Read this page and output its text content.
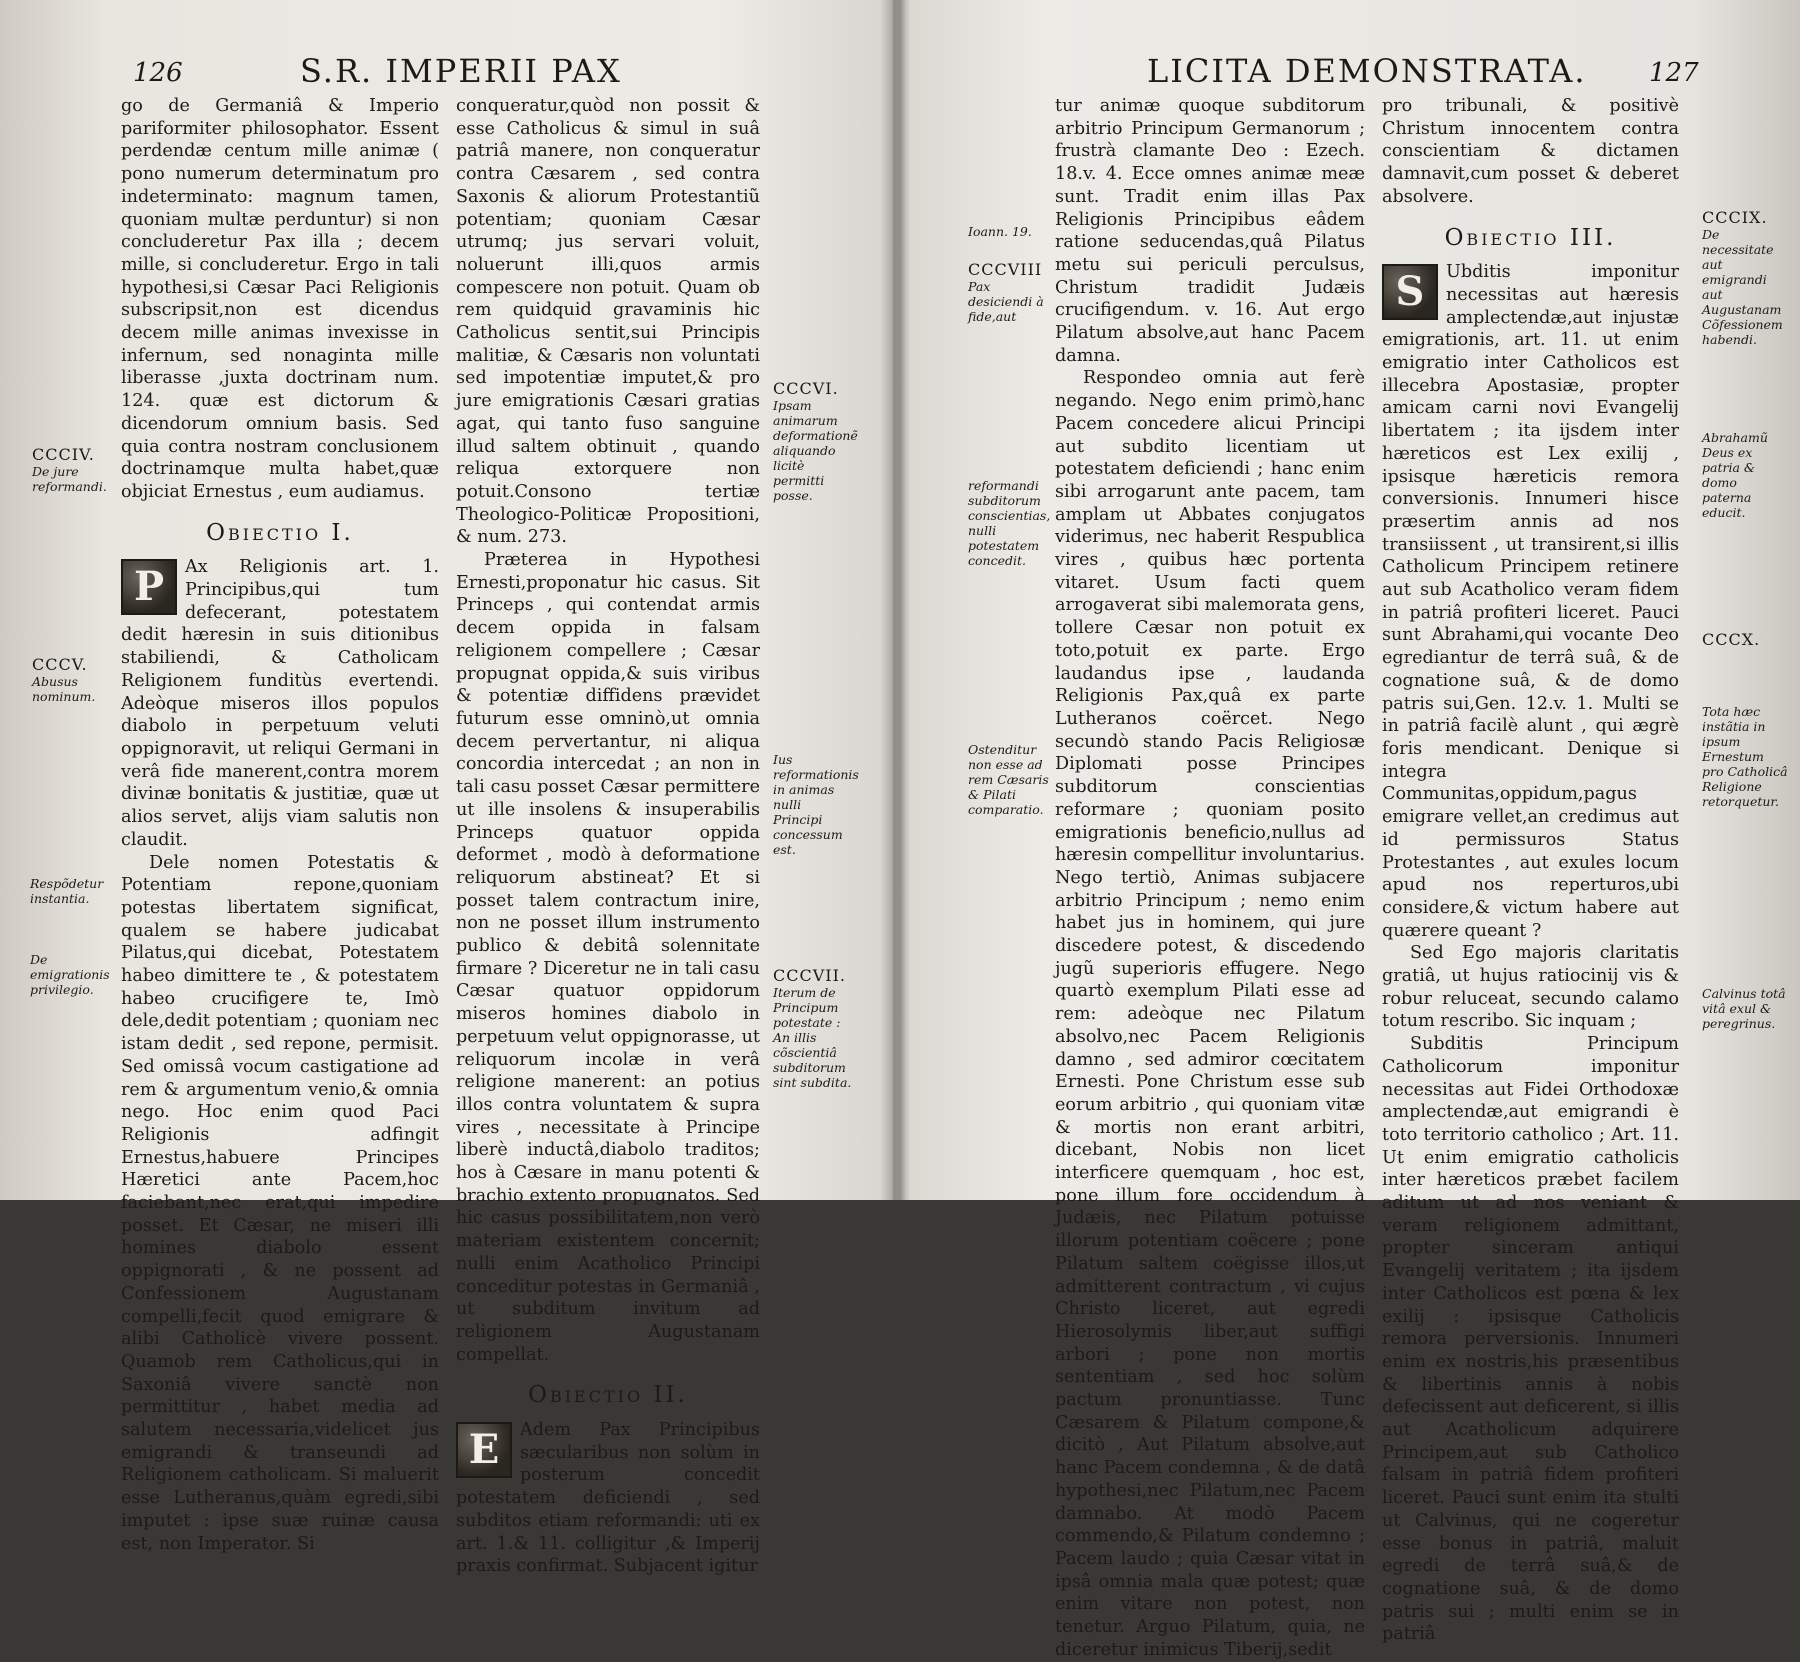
126	S.R. IMPERII PAX

go de Germaniâ & Imperio pariformiter philosophator. Essent perdendæ centum mille animæ ( pono numerum determinatum pro indeterminato: magnum tamen, quoniam multæ perduntur) si non concluderetur Pax illa ; decem mille, si concluderetur. Ergo in tali hypothesi,si Cæsar Paci Religionis subscripsit,non est dicendus decem mille animas invexisse in infernum, sed nonaginta mille liberasse ,juxta doctrinam num. 124. quæ est dictorum & dicendorum omnium basis. Sed quia contra nostram conclusionem doctrinamque multa habet,quæ objiciat Ernestus , eum audiamus.

Obiectio I.

P	Ax Religionis art. 1. Principibus,qui tum defecerant, potestatem dedit hæresin in suis ditionibus stabiliendi, & Catholicam Religionem funditùs evertendi. Adeòque miseros illos populos diabolo in perpetuum veluti oppignoravit, ut reliqui Germani in verâ fide manerent,contra morem divinæ bonitatis & justitiæ, quæ ut alios servet, alijs viam salutis non claudit.

Dele nomen Potestatis & Potentiam repone,quoniam potestas libertatem significat, qualem se habere judicabat Pilatus,qui dicebat, Potestatem habeo dimittere te , & potestatem habeo crucifigere te, Imò dele,dedit potentiam ; quoniam nec istam dedit , sed repone, permisit. Sed omissâ vocum castigatione ad rem & argumentum venio,& omnia nego. Hoc enim quod Paci Religionis adfingit Ernestus,habuere Principes Hæretici ante Pacem,hoc faciebant,nec erat,qui impedire posset. Et Cæsar, ne miseri illi homines diabolo essent oppignorati , & ne possent ad Confessionem Augustanam compelli,fecit quod emigrare & alibi Catholicè vivere possent. Quamob rem Catholicus,qui in Saxoniâ vivere sanctè non permittitur , habet media ad salutem necessaria,videlicet jus emigrandi & transeundi ad Religionem catholicam. Si maluerit esse Lutheranus,quàm egredi,sibi imputet : ipse suæ ruinæ causa est, non Imperator. Si

conqueratur,quòd non possit & esse Catholicus & simul in suâ patriâ manere, non conqueratur contra Cæsarem , sed contra Saxonis & aliorum Protestantiũ potentiam; quoniam Cæsar utrumq; jus servari voluit, noluerunt illi,quos armis compescere non potuit. Quam ob rem quidquid gravaminis hic Catholicus sentit,sui Principis malitiæ, & Cæsaris non voluntati sed impotentiæ imputet,& pro jure emigrationis Cæsari gratias agat, qui tanto fuso sanguine illud saltem obtinuit , quando reliqua extorquere non potuit.Consono tertiæ Theologico-Politicæ Propositioni, & num. 273.

Præterea in Hypothesi Ernesti,proponatur hic casus. Sit Princeps , qui contendat armis decem oppida in falsam religionem compellere ; Cæsar propugnat oppida,& suis viribus & potentiæ diffidens prævidet futurum esse omninò,ut omnia decem pervertantur, ni aliqua concordia intercedat ; an non in tali casu posset Cæsar permittere ut ille insolens & insuperabilis Princeps quatuor oppida deformet , modò à deformatione reliquorum abstineat? Et si posset talem contractum inire, non ne posset illum instrumento publico & debitâ solennitate firmare ? Diceretur ne in tali casu Cæsar quatuor oppidorum miseros homines diabolo in perpetuum velut oppignorasse, ut reliquorum incolæ in verâ religione manerent: an potius illos contra voluntatem & supra vires , necessitate à Principe liberè inductâ,diabolo traditos; hos à Cæsare in manu potenti & brachio extento propugnatos. Sed hic casus possibilitatem,non verò materiam existentem concernit; nulli enim Acatholico Principi conceditur potestas in Germaniâ , ut subditum invitum ad religionem Augustanam compellat.

Obiectio II.

E	Adem Pax Principibus sæcularibus non solùm in posterum concedit potestatem deficiendi , sed subditos etiam reformandi: uti ex art. 1.& 11. colligitur ,& Imperij praxis confirmat. Subjacent igitur

CCCIV.
De jure reformandi.
CCCV.
Abusus nominum.
Respõdetur instantia.
De emigrationis privilegio.
CCCVI.
Ipsam animarum deformationẽ aliquando licitè permitti posse.
Ius reformationis in animas nulli Principi concessum est.
CCCVII.
Iterum de Principum potestate : An illis cõscientiâ subditorum sint subdita.
LICITA DEMONSTRATA. 127

tur animæ quoque subditorum arbitrio Principum Germanorum ; frustrà clamante Deo : Ezech. 18.v. 4. Ecce omnes animæ meæ sunt. Tradit enim illas Pax Religionis Principibus eâdem ratione seducendas,quâ Pilatus metu sui periculi perculsus, Christum tradidit Judæis crucifigendum. v. 16. Aut ergo Pilatum absolve,aut hanc Pacem damna.

Respondeo omnia aut ferè negando. Nego enim primò,hanc Pacem concedere alicui Principi aut subdito licentiam ut potestatem deficiendi ; hanc enim sibi arrogarunt ante pacem, tam amplam ut Abbates conjugatos viderimus, nec haberit Respublica vires , quibus hæc portenta vitaret. Usum facti quem arrogaverat sibi malemorata gens, tollere Cæsar non potuit ex toto,potuit ex parte. Ergo laudandus ipse , laudanda Religionis Pax,quâ ex parte Lutheranos coërcet. Nego secundò stando Pacis Religiosæ Diplomati posse Principes subditorum conscientias reformare ; quoniam posito emigrationis beneficio,nullus ad hæresin compellitur involuntarius. Nego tertiò, Animas subjacere arbitrio Principum ; nemo enim habet jus in hominem, qui jure discedere potest, & discedendo jugũ superioris effugere. Nego quartò exemplum Pilati esse ad rem: adeòque nec Pilatum absolvo,nec Pacem Religionis damno , sed admiror cœcitatem Ernesti. Pone Christum esse sub eorum arbitrio , qui quoniam vitæ & mortis non erant arbitri, dicebant, Nobis non licet interficere quemquam , hoc est, pone illum fore occidendum à Judæis, nec Pilatum potuisse illorum potentiam coëcere ; pone Pilatum saltem coëgisse illos,ut admitterent contractum , vi cujus Christo liceret, aut egredi Hierosolymis liber,aut suffigi arbori ; pone non mortis sententiam , sed hoc solùm pactum pronuntiasse. Tunc Cæsarem & Pilatum compone,& dicitò , Aut Pilatum absolve,aut hanc Pacem condemna , & de datâ hypothesi,nec Pilatum,nec Pacem damnabo. At modò Pacem commendo,& Pilatum condemno ; Pacem laudo ; quia Cæsar vitat in ipsâ omnia mala quæ potest; quæ enim vitare non potest, non tenetur. Arguo Pilatum, quia, ne diceretur inimicus Tiberij,sedit

pro tribunali, & positivè Christum innocentem contra conscientiam & dictamen damnavit,cum posset & deberet absolvere.

Obiectio III.

S	Ubditis imponitur necessitas aut hæresis amplectendæ,aut injustæ emigrationis, art. 11. ut enim emigratio inter Catholicos est illecebra Apostasiæ, propter amicam carni novi Evangelij libertatem ; ita ijsdem inter hæreticos est Lex exilij , ipsisque hæreticis remora conversionis. Innumeri hisce præsertim annis ad nos transiissent , ut transirent,si illis Catholicum Principem retinere aut sub Acatholico veram fidem in patriâ profiteri liceret. Pauci sunt Abrahami,qui vocante Deo egrediantur de terrâ suâ, & de cognatione suâ, & de domo patris sui,Gen. 12.v. 1. Multi se in patriâ facilè alunt , qui ægrè foris mendicant. Denique si integra Communitas,oppidum,pagus emigrare vellet,an credimus aut id permissuros Status Protestantes , aut exules locum apud nos reperturos,ubi considere,& victum habere aut quærere queant ?

Sed Ego majoris claritatis gratiâ, ut hujus ratiocinij vis & robur reluceat, secundo calamo totum rescribo. Sic inquam ;

Subditis Principum Catholicorum imponitur necessitas aut Fidei Orthodoxæ amplectendæ,aut emigrandi è toto territorio catholico ; Art. 11. Ut enim emigratio catholicis inter hæreticos præbet facilem aditum ut ad nos veniant & veram religionem admittant, propter sinceram antiqui Evangelij veritatem ; ita ijsdem inter Catholicos est pœna & lex exilij : ipsisque Catholicis remora perversionis. Innumeri enim ex nostris,his præsentibus & libertinis annis à nobis defecissent aut deficerent, si illis aut Acatholicum adquirere Principem,aut sub Catholico falsam in patriâ fidem profiteri liceret. Pauci sunt enim ita stulti ut Calvinus, qui ne cogeretur esse bonus in patriâ, maluit egredi de terrâ suâ,& de cognatione suâ, & de domo patris sui ; multi enim se in patriâ

Ioann. 19.
CCCVIII
Pax desiciendi à fide,aut
reformandi subditorum conscientias, nulli potestatem concedit.
Ostenditur non esse ad rem Cæsaris & Pilati comparatio.
CCCIX.
De necessitate aut emigrandi aut Augustanam Cõfessionem habendi.
Abrahamũ Deus ex patria & domo paterna educit.
CCCX.
Tota hæc instãtia in ipsum Ernestum pro Catholicâ Religione retorquetur.
Calvinus totâ vitâ exul & peregrinus.
